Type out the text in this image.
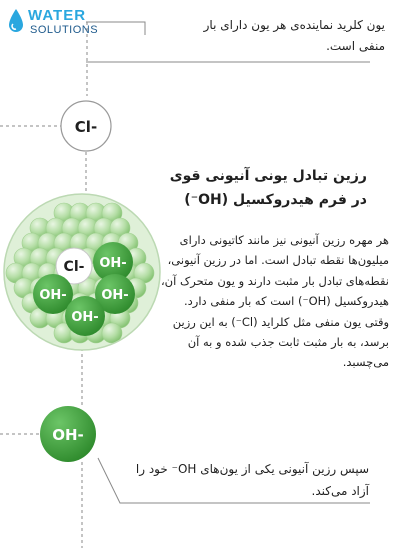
WATER
SOLUTIONS
Cl-
Cl- OH-
OH-	OH-
OH-
OH-
یون کلرید نماینده‌ی هر یون دارای بار منفی است.
رزین تبادل یونی آنیونی قوی
در فرم هیدروکسیل (OH⁻)
هر مهره رزین آنیونی نیز مانند کاتیونی دارای میلیون‌ها نقطه تبادل است. اما در رزین آنیونی، نقطه‌های تبادل بار مثبت دارند و یون متحرک آن، هیدروکسیل (OH⁻) است که بار منفی دارد. وقتی یون منفی مثل کلراید (Cl⁻) به این رزین برسد، به بار مثبت ثابت جذب شده و به آن می‌چسبد.
سپس رزین آنیونی یکی از یون‌های OH⁻ خود را آزاد می‌کند.
